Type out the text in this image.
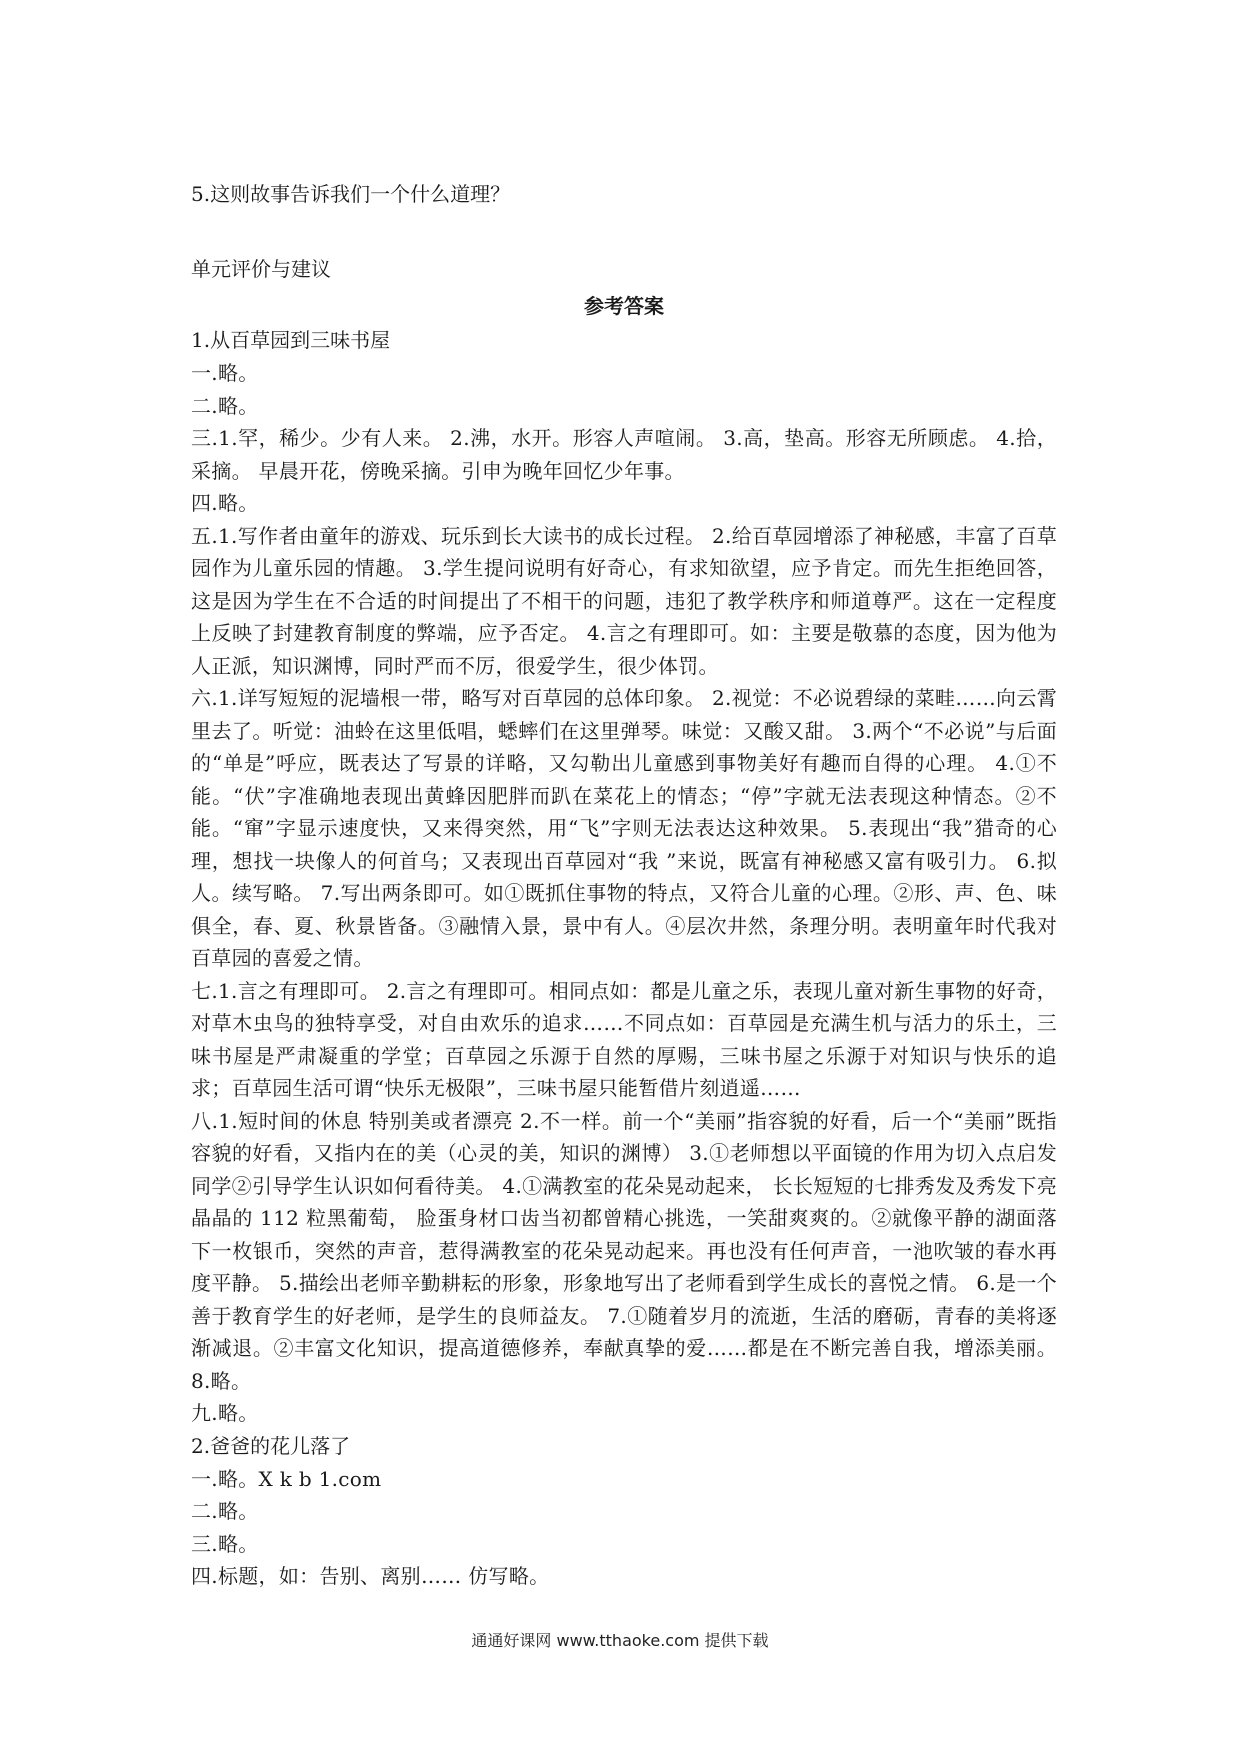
5.这则故事告诉我们一个什么道理？
单元评价与建议
参考答案
1.从百草园到三味书屋

一.略。

二.略。

三.1.罕，稀少。少有人来。 2.沸，水开。形容人声喧闹。 3.高，垫高。形容无所顾虑。 4.拾，采摘。 早晨开花，傍晚采摘。引申为晚年回忆少年事。

四.略。

五.1.写作者由童年的游戏、玩乐到长大读书的成长过程。 2.给百草园增添了神秘感，丰富了百草园作为儿童乐园的情趣。 3.学生提问说明有好奇心，有求知欲望，应予肯定。而先生拒绝回答，这是因为学生在不合适的时间提出了不相干的问题，违犯了教学秩序和师道尊严。这在一定程度上反映了封建教育制度的弊端，应予否定。 4.言之有理即可。如：主要是敬慕的态度，因为他为人正派，知识渊博，同时严而不厉，很爱学生，很少体罚。

六.1.详写短短的泥墙根一带，略写对百草园的总体印象。 2.视觉：不必说碧绿的菜畦……向云霄里去了。听觉：油蛉在这里低唱，蟋蟀们在这里弹琴。味觉：又酸又甜。 3.两个“不必说”与后面的“单是”呼应，既表达了写景的详略，又勾勒出儿童感到事物美好有趣而自得的心理。 4.①不能。“伏”字准确地表现出黄蜂因肥胖而趴在菜花上的情态；“停”字就无法表现这种情态。②不能。“窜”字显示速度快，又来得突然，用“飞”字则无法表达这种效果。 5.表现出“我”猎奇的心理，想找一块像人的何首乌；又表现出百草园对“我 ”来说，既富有神秘感又富有吸引力。 6.拟人。续写略。 7.写出两条即可。如①既抓住事物的特点，又符合儿童的心理。②形、声、色、味俱全，春、夏、秋景皆备。③融情入景，景中有人。④层次井然，条理分明。表明童年时代我对百草园的喜爱之情。

七.1.言之有理即可。 2.言之有理即可。相同点如：都是儿童之乐，表现儿童对新生事物的好奇，对草木虫鸟的独特享受，对自由欢乐的追求……不同点如：百草园是充满生机与活力的乐土，三味书屋是严肃凝重的学堂；百草园之乐源于自然的厚赐，三味书屋之乐源于对知识与快乐的追求；百草园生活可谓“快乐无极限”，三味书屋只能暂借片刻逍遥……

八.1.短时间的休息 特别美或者漂亮 2.不一样。前一个“美丽”指容貌的好看，后一个“美丽”既指容貌的好看，又指内在的美（心灵的美，知识的渊博） 3.①老师想以平面镜的作用为切入点启发同学②引导学生认识如何看待美。 4.①满教室的花朵晃动起来， 长长短短的七排秀发及秀发下亮晶晶的 112 粒黑葡萄， 脸蛋身材口齿当初都曾精心挑选，一笑甜爽爽的。②就像平静的湖面落下一枚银币，突然的声音，惹得满教室的花朵晃动起来。再也没有任何声音，一池吹皱的春水再度平静。 5.描绘出老师辛勤耕耘的形象，形象地写出了老师看到学生成长的喜悦之情。 6.是一个善于教育学生的好老师，是学生的良师益友。 7.①随着岁月的流逝，生活的磨砺，青春的美将逐渐减退。②丰富文化知识，提高道德修养，奉献真挚的爱……都是在不断完善自我，增添美丽。 8.略。

九.略。

2.爸爸的花儿落了

一.略。X k b 1.com

二.略。

三.略。

四.标题，如：告别、离别…… 仿写略。

通通好课网 www.tthaoke.com 提供下载
